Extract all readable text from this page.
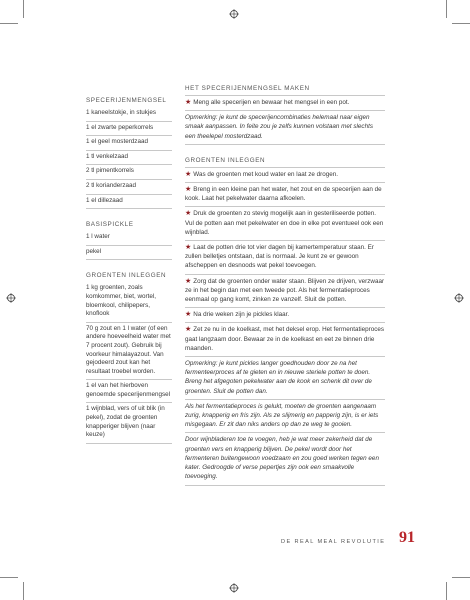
SPECERIJENMENGSEL

1 kaneelstokje, in stukjes

1 el zwarte peperkorrels

1 el geel mosterdzaad

1 tl venkelzaad

2 tl pimentkorrels

2 tl korianderzaad

1 el dillezaad

BASISPICKLE

1 l water

pekel

GROENTEN INLEGGEN

1 kg groenten, zoals komkommer, biet, wortel, bloemkool, chilipepers, knoflook

70 g zout en 1 l water (of een andere hoeveelheid water met 7 procent zout). Gebruik bij voorkeur himalayazout. Van gejodeerd zout kan het resultaat troebel worden.

1 el van het hierboven genoemde specerijenmengsel

1 wijnblad, vers of uit blik (in pekel), zodat de groenten knapperiger blijven (naar keuze)

HET SPECERIJENMENGSEL MAKEN

★ Meng alle specerijen en bewaar het mengsel in een pot.

Opmerking: je kunt de specerijencombinaties helemaal naar eigen smaak aanpassen. In feite zou je zelfs kunnen volstaan met slechts een theelepel mosterdzaad.

GROENTEN INLEGGEN

★ Was de groenten met koud water en laat ze drogen.

★ Breng in een kleine pan het water, het zout en de specerijen aan de kook. Laat het pekelwater daarna afkoelen.

★ Druk de groenten zo stevig mogelijk aan in gesteriliseerde potten. Vul de potten aan met pekelwater en doe in elke pot eventueel ook een wijnblad.

★ Laat de potten drie tot vier dagen bij kamertemperatuur staan. Er zullen belletjes ontstaan, dat is normaal. Je kunt ze er gewoon afscheppen en desnoods wat pekel toevoegen.

★ Zorg dat de groenten onder water staan. Blijven ze drijven, verzwaar ze in het begin dan met een tweede pot. Als het fermentatieproces eenmaal op gang komt, zinken ze vanzelf. Sluit de potten.

★ Na drie weken zijn je pickles klaar.

★ Zet ze nu in de koelkast, met het deksel erop. Het fermentatieproces gaat langzaam door. Bewaar ze in de koelkast en eet ze binnen drie maanden.

Opmerking: je kunt pickles langer goedhouden door ze na het fermenteerproces af te gieten en in nieuwe steriele potten te doen. Breng het afgegoten pekelwater aan de kook en schenk dit over de groenten. Sluit de potten dan.

Als het fermentatieproces is gelukt, moeten de groenten aangenaam zurig, knapperig en fris zijn. Als ze slijmerig en papperig zijn, is er iets misgegaan. Er zit dan niks anders op dan ze weg te gooien.

Door wijnbladeren toe te voegen, heb je wat meer zekerheid dat de groenten vers en knapperig blijven. De pekel wordt door het fermenteren buitengewoon voedzaam en zou goed werken tegen een kater. Gedroogde of verse pepertjes zijn ook een smaakvolle toevoeging.

DE REAL MEAL REVOLUTIE 91
